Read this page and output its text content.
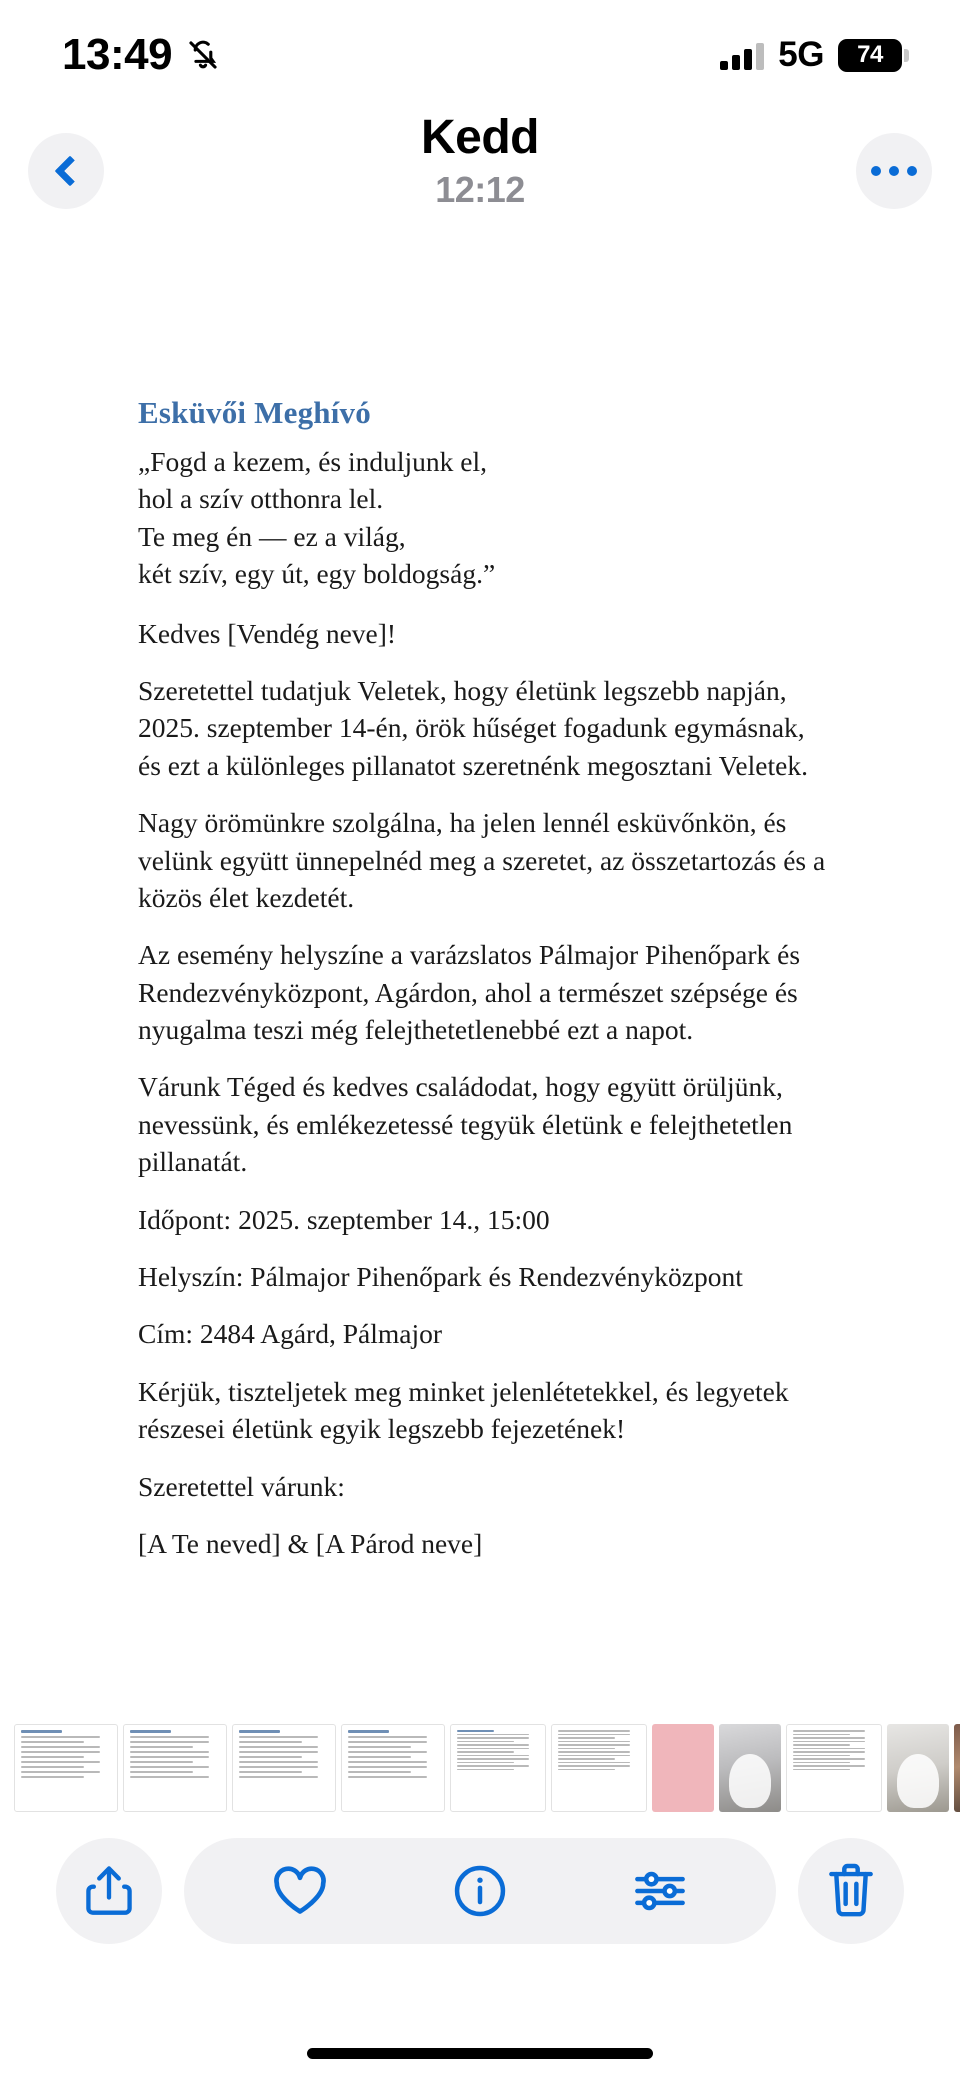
13:49	5G 74
Kedd
12:12
Esküvői Meghívó

„Fogd a kezem, és induljunk el,
hol a szív otthonra lel.
Te meg én — ez a világ,
két szív, egy út, egy boldogság.”

Kedves [Vendég neve]!

Szeretettel tudatjuk Veletek, hogy életünk legszebb napján, 2025. szeptember 14-én, örök hűséget fogadunk egymásnak, és ezt a különleges pillanatot szeretnénk megosztani Veletek.

Nagy örömünkre szolgálna, ha jelen lennél esküvőnkön, és velünk együtt ünnepelnéd meg a szeretet, az összetartozás és a közös élet kezdetét.

Az esemény helyszíne a varázslatos Pálmajor Pihenőpark és Rendezvényközpont, Agárdon, ahol a természet szépsége és nyugalma teszi még felejthetetlenebbé ezt a napot.

Várunk Téged és kedves családodat, hogy együtt örüljünk, nevessünk, és emlékezetessé tegyük életünk e felejthetetlen pillanatát.

Időpont: 2025. szeptember 14., 15:00

Helyszín: Pálmajor Pihenőpark és Rendezvényközpont

Cím: 2484 Agárd, Pálmajor

Kérjük, tiszteljetek meg minket jelenlétetekkel, és legyetek részesei életünk egyik legszebb fejezetének!

Szeretettel várunk:

[A Te neved] & [A Párod neve]
